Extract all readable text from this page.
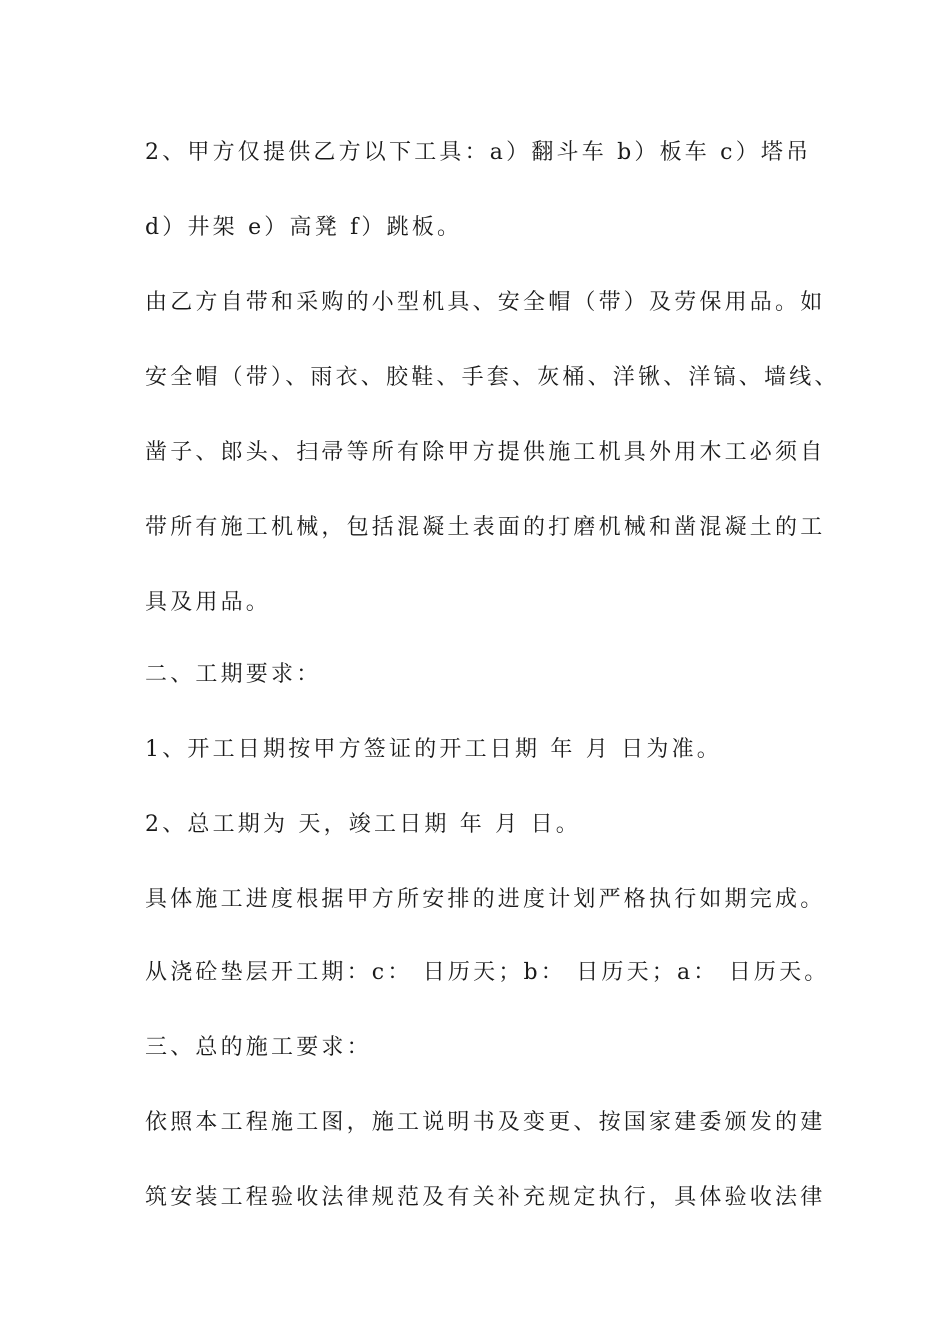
2、甲方仅提供乙方以下工具：a）翻斗车 b）板车 c）塔吊
d）井架 e）高凳 f）跳板。
由乙方自带和采购的小型机具、安全帽（带）及劳保用品。如
安全帽（带）、雨衣、胶鞋、手套、灰桶、洋锹、洋镐、墙线、
凿子、郎头、扫帚等所有除甲方提供施工机具外用木工必须自
带所有施工机械，包括混凝土表面的打磨机械和凿混凝土的工
具及用品。
二、工期要求：
1、开工日期按甲方签证的开工日期 年 月 日为准。
2、总工期为 天，竣工日期 年 月 日。
具体施工进度根据甲方所安排的进度计划严格执行如期完成。
从浇砼垫层开工期：c： 日历天；b： 日历天；a： 日历天。
三、总的施工要求：
依照本工程施工图，施工说明书及变更、按国家建委颁发的建
筑安装工程验收法律规范及有关补充规定执行，具体验收法律
